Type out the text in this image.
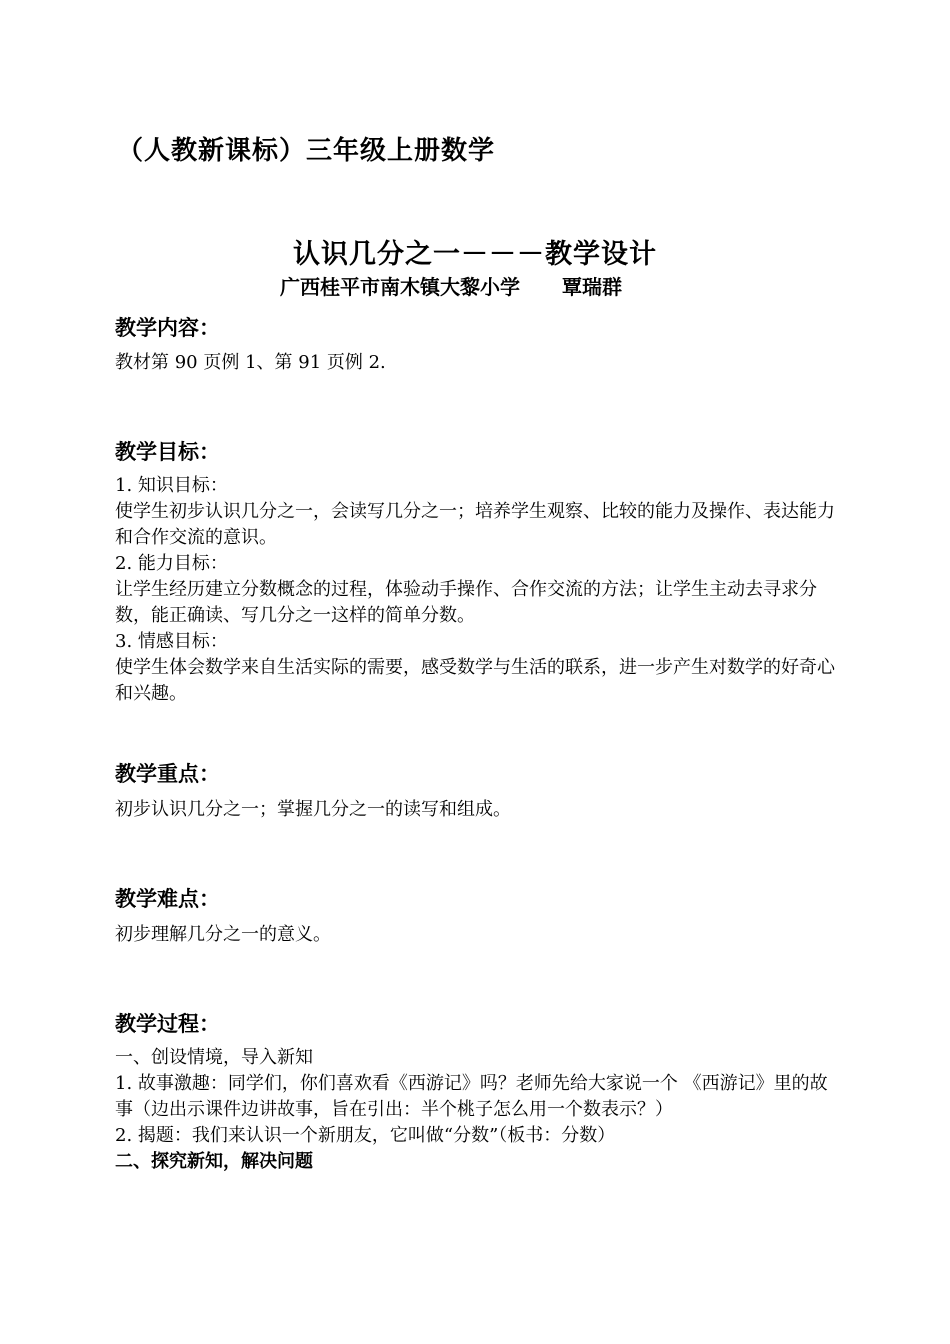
（人教新课标）三年级上册数学
认识几分之一－－－教学设计
广西桂平市南木镇大黎小学 覃瑞群
教学内容：
教材第 90 页例 1、第 91 页例 2.
教学目标：
1. 知识目标：
使学生初步认识几分之一，会读写几分之一；培养学生观察、比较的能力及操作、表达能力和合作交流的意识。
2. 能力目标：
让学生经历建立分数概念的过程，体验动手操作、合作交流的方法；让学生主动去寻求分数，能正确读、写几分之一这样的简单分数。
3. 情感目标：
使学生体会数学来自生活实际的需要，感受数学与生活的联系，进一步产生对数学的好奇心和兴趣。
教学重点：
初步认识几分之一；掌握几分之一的读写和组成。
教学难点：
初步理解几分之一的意义。
教学过程：
一、创设情境，导入新知
1. 故事激趣：同学们，你们喜欢看《西游记》吗？老师先给大家说一个 《西游记》里的故事（边出示课件边讲故事，旨在引出：半个桃子怎么用一个数表示？）
2. 揭题：我们来认识一个新朋友，它叫做“分数”（板书：分数）
二、探究新知，解决问题
